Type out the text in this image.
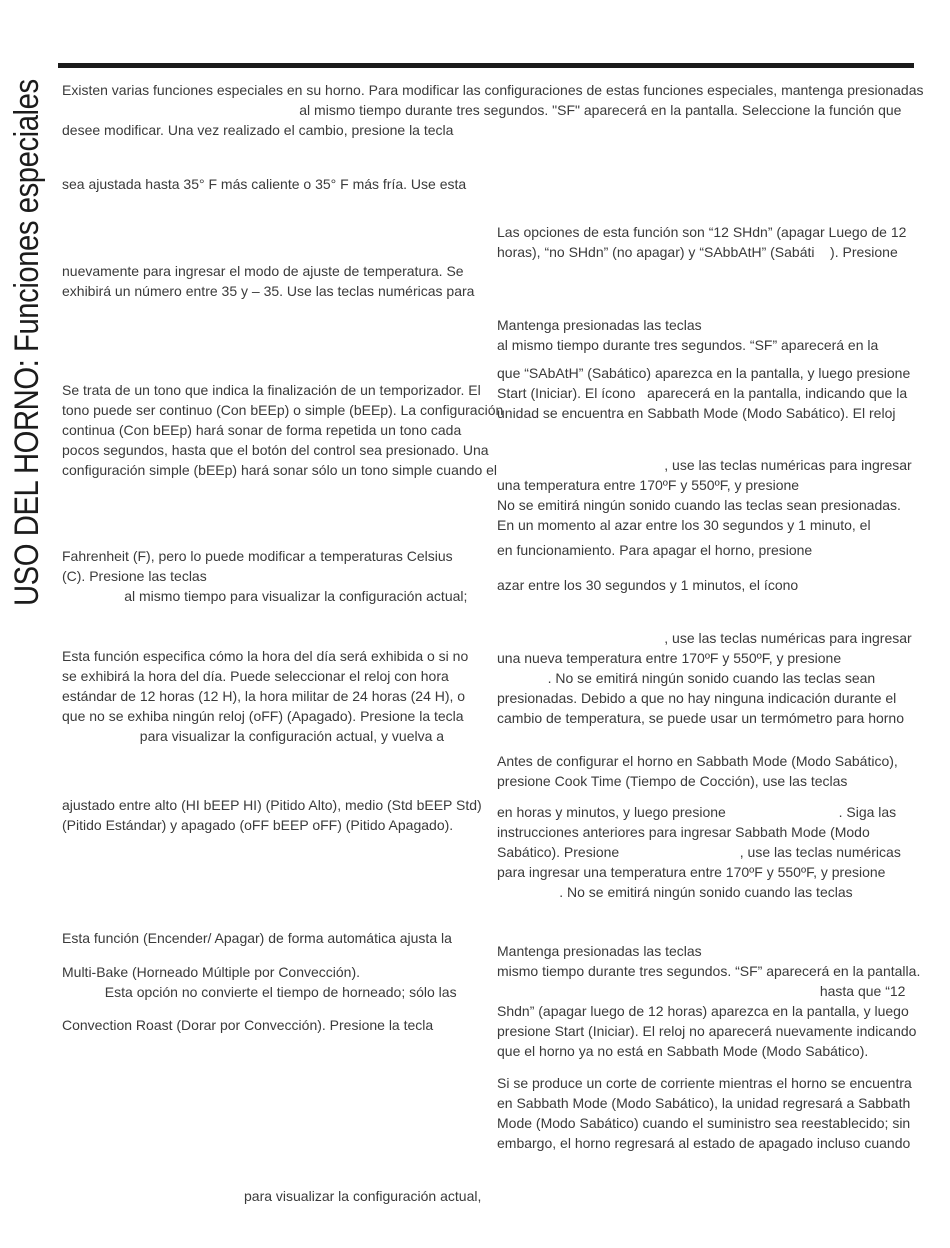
USO DEL HORNO: Funciones especiales Existen varias funciones especiales en su horno. Para modificar las configuraciones de estas funciones especiales, mantenga presionadas
al mismo tiempo durante tres segundos. "SF" aparecerá en la pantalla. Seleccione la función que
desee modificar. Una vez realizado el cambio, presione la tecla
sea ajustada hasta 35° F más caliente o 35° F más fría. Use esta
nuevamente para ingresar el modo de ajuste de temperatura. Se
exhibirá un número entre 35 y – 35. Use las teclas numéricas para
Se trata de un tono que indica la finalización de un temporizador. El
tono puede ser continuo (Con bEEp) o simple (bEEp). La configuración
continua (Con bEEp) hará sonar de forma repetida un tono cada
pocos segundos, hasta que el botón del control sea presionado. Una
configuración simple (bEEp) hará sonar sólo un tono simple cuando el
Fahrenheit (F), pero lo puede modificar a temperaturas Celsius
(C). Presione las teclas
al mismo tiempo para visualizar la configuración actual;
Esta función especifica cómo la hora del día será exhibida o si no
se exhibirá la hora del día. Puede seleccionar el reloj con hora
estándar de 12 horas (12 H), la hora militar de 24 horas (24 H), o
que no se exhiba ningún reloj (oFF) (Apagado). Presione la tecla
para visualizar la configuración actual, y vuelva a
ajustado entre alto (HI bEEP HI) (Pitido Alto), medio (Std bEEP Std)
(Pitido Estándar) y apagado (oFF bEEP oFF) (Pitido Apagado).
Esta función (Encender/ Apagar) de forma automática ajusta la
Multi-Bake (Horneado Múltiple por Convección).
Esta opción no convierte el tiempo de horneado; sólo las
Convection Roast (Dorar por Convección). Presione la tecla
Las opciones de esta función son “12 SHdn” (apagar Luego de 12
horas), “no SHdn” (no apagar) y “SAbbAtH” (Sabáti    ). Presione
Mantenga presionadas las teclas
al mismo tiempo durante tres segundos. “SF” aparecerá en la
que “SAbAtH” (Sabático) aparezca en la pantalla, y luego presione
Start (Iniciar). El ícono   aparecerá en la pantalla, indicando que la
unidad se encuentra en Sabbath Mode (Modo Sabático). El reloj
, use las teclas numéricas para ingresar
una temperatura entre 170ºF y 550ºF, y presione
No se emitirá ningún sonido cuando las teclas sean presionadas.
En un momento al azar entre los 30 segundos y 1 minuto, el
en funcionamiento. Para apagar el horno, presione
azar entre los 30 segundos y 1 minutos, el ícono
, use las teclas numéricas para ingresar
una nueva temperatura entre 170ºF y 550ºF, y presione
. No se emitirá ningún sonido cuando las teclas sean
presionadas. Debido a que no hay ninguna indicación durante el
cambio de temperatura, se puede usar un termómetro para horno
Antes de configurar el horno en Sabbath Mode (Modo Sabático),
presione Cook Time (Tiempo de Cocción), use las teclas
en horas y minutos, y luego presione                             . Siga las
instrucciones anteriores para ingresar Sabbath Mode (Modo
Sabático). Presione                               , use las teclas numéricas
para ingresar una temperatura entre 170ºF y 550ºF, y presione
. No se emitirá ningún sonido cuando las teclas
Mantenga presionadas las teclas
mismo tiempo durante tres segundos. “SF” aparecerá en la pantalla.
hasta que “12
Shdn” (apagar luego de 12 horas) aparezca en la pantalla, y luego
presione Start (Iniciar). El reloj no aparecerá nuevamente indicando
que el horno ya no está en Sabbath Mode (Modo Sabático).
Si se produce un corte de corriente mientras el horno se encuentra
en Sabbath Mode (Modo Sabático), la unidad regresará a Sabbath
Mode (Modo Sabático) cuando el suministro sea reestablecido; sin
embargo, el horno regresará al estado de apagado incluso cuando
para visualizar la configuración actual,
